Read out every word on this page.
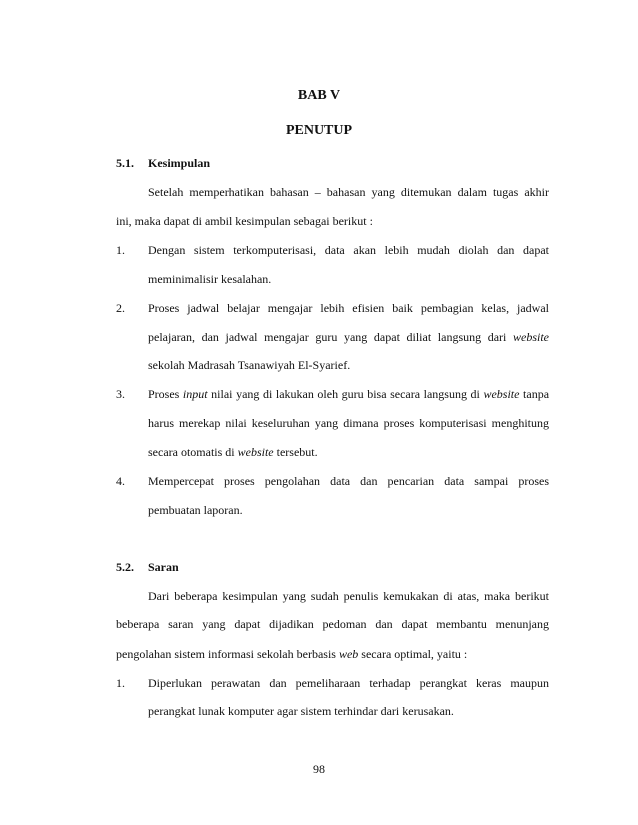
BAB V
PENUTUP
5.1. Kesimpulan
Setelah memperhatikan bahasan – bahasan yang ditemukan dalam tugas akhir
ini, maka dapat di ambil kesimpulan sebagai berikut :
1. Dengan sistem terkomputerisasi, data akan lebih mudah diolah dan dapat
meminimalisir kesalahan.
2. Proses jadwal belajar mengajar lebih efisien baik pembagian kelas, jadwal
pelajaran, dan jadwal mengajar guru yang dapat diliat langsung dari website
sekolah Madrasah Tsanawiyah El-Syarief.
3. Proses input nilai yang di lakukan oleh guru bisa secara langsung di website tanpa
harus merekap nilai keseluruhan yang dimana proses komputerisasi menghitung
secara otomatis di website tersebut.
4. Mempercepat proses pengolahan data dan pencarian data sampai proses
pembuatan laporan.
5.2. Saran
Dari beberapa kesimpulan yang sudah penulis kemukakan di atas, maka berikut
beberapa saran yang dapat dijadikan pedoman dan dapat membantu menunjang
pengolahan sistem informasi sekolah berbasis web secara optimal, yaitu :
1. Diperlukan perawatan dan pemeliharaan terhadap perangkat keras maupun
perangkat lunak komputer agar sistem terhindar dari kerusakan.
98
